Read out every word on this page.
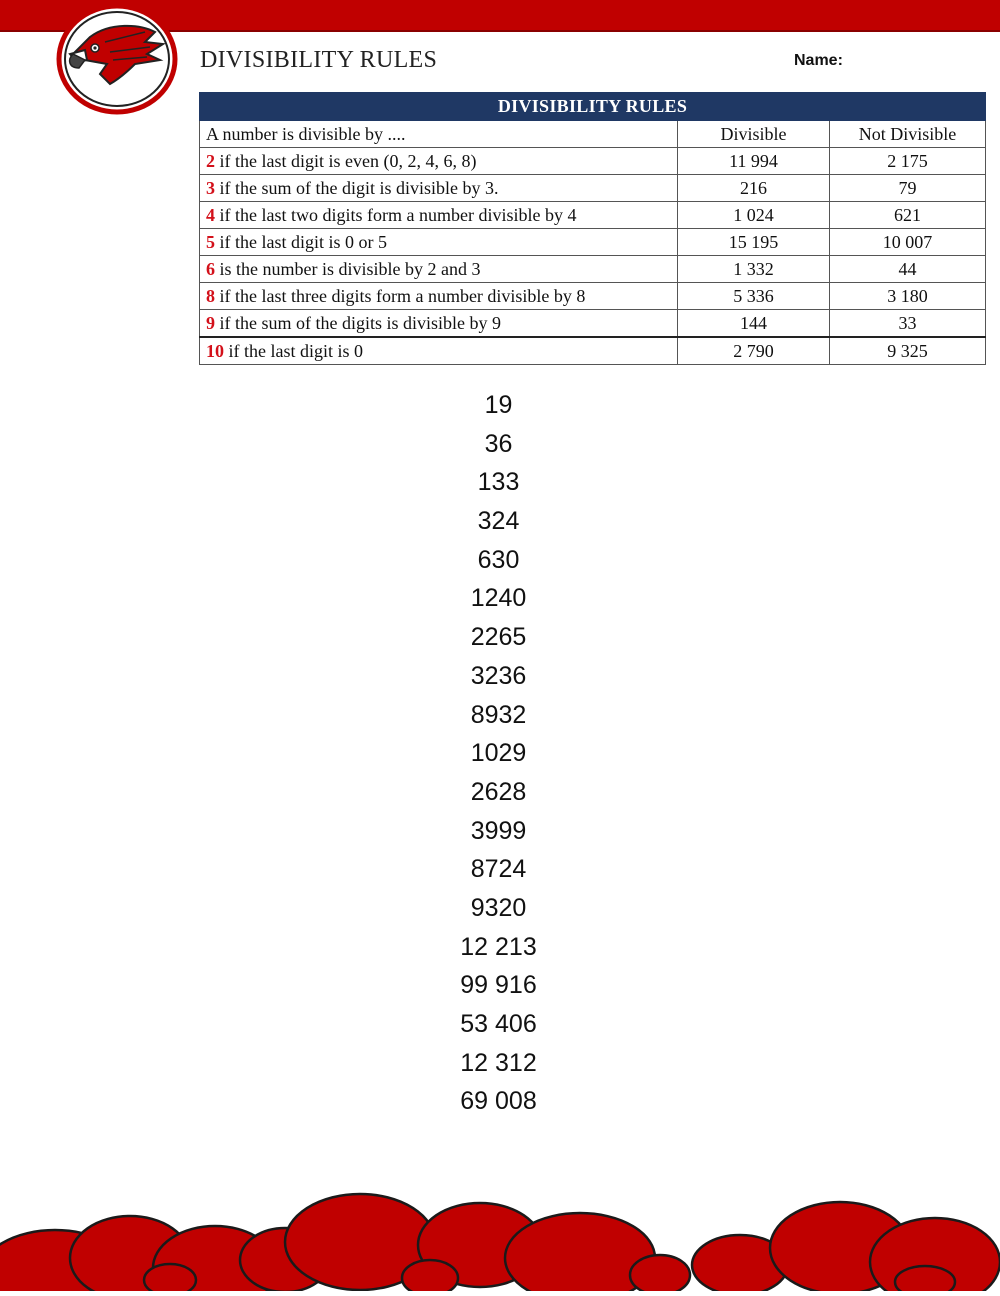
DIVISIBILITY RULES	Name:
DIVISIBILITY RULES		
A number is divisible by ....	Divisible	Not Divisible
2 if the last digit is even (0, 2, 4, 6, 8)	11 994	2 175
3 if the sum of the digit is divisible by 3.	216	79
4 if the last two digits form a number divisible by 4	1 024	621
5 if the last digit is 0 or 5	15 195	10 007
6 is the number is divisible by 2 and 3	1 332	44
8 if the last three digits form a number divisible by 8	5 336	3 180
9 if the sum of the digits is divisible by 9	144	33
10 if the last digit is 0	2 790	9 325
19
36
133
324
630
1240
2265
3236
8932
1029
2628
3999
8724
9320
12 213
99 916
53 406
12 312
69 008
